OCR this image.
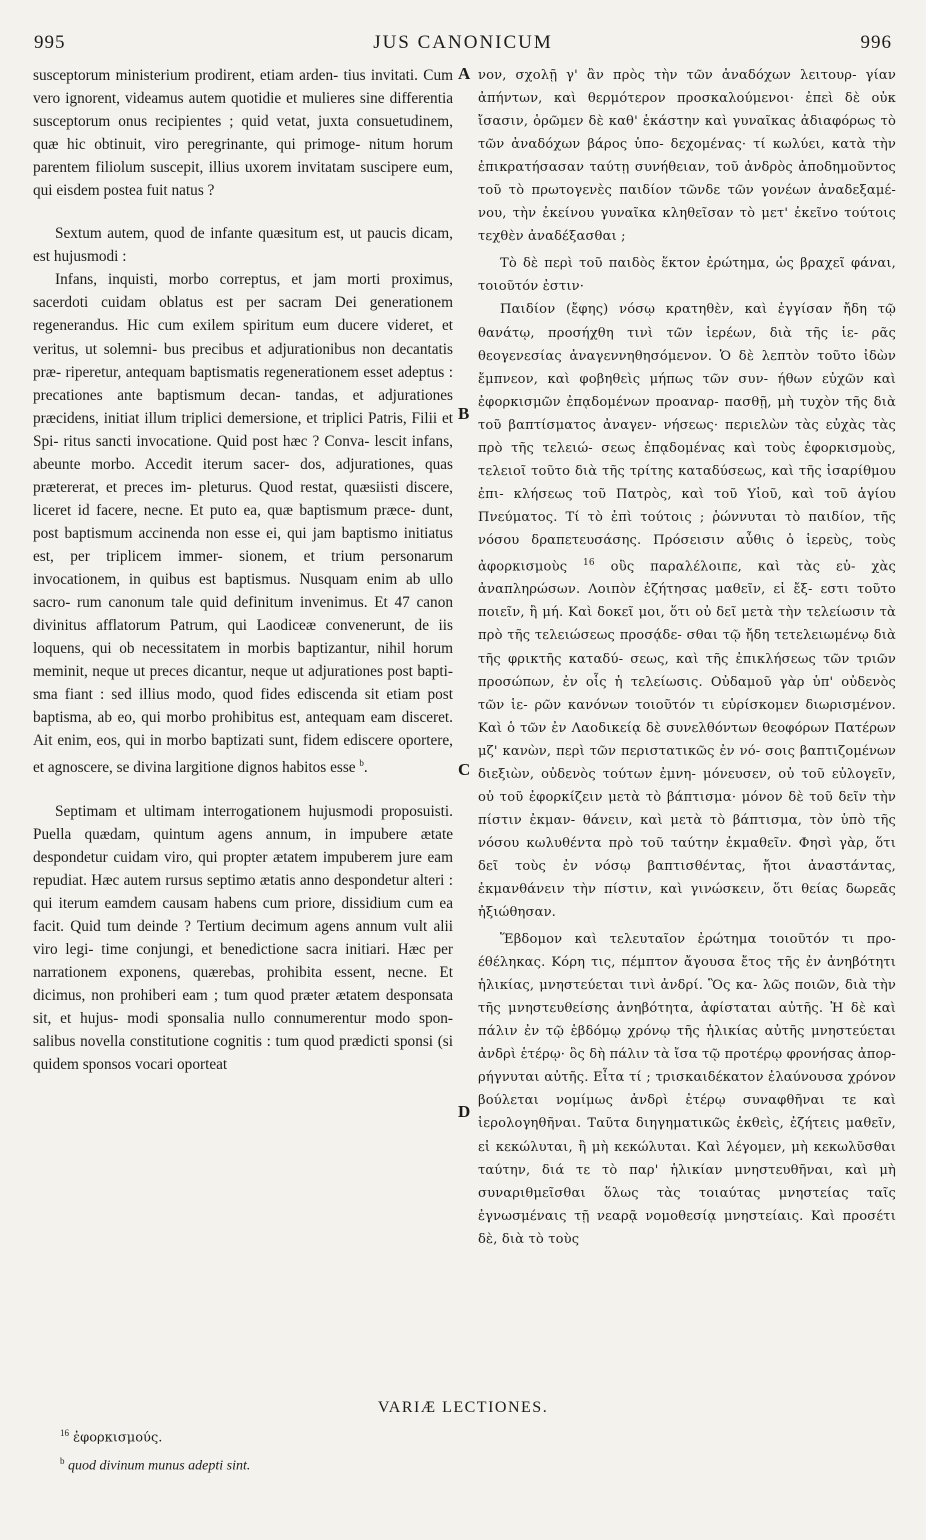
995	JUS CANONICUM	996

susceptorum ministerium prodirent, etiam arden- tius invitati. Cum vero ignorent, videamus autem quotidie et mulieres sine differentia susceptorum onus recipientes ; quid vetat, juxta consuetudinem, quæ hic obtinuit, viro peregrinante, qui primoge- nitum horum parentem filiolum suscepit, illius uxorem invitatam suscipere eum, qui eisdem postea fuit natus ?

Sextum autem, quod de infante quæsitum est, ut paucis dicam, est hujusmodi :

Infans, inquisti, morbo correptus, et jam morti proximus, sacerdoti cuidam oblatus est per sacram Dei generationem regenerandus. Hic cum exilem spiritum eum ducere videret, et veritus, ut solemni- bus precibus et adjurationibus non decantatis præ- riperetur, antequam baptismatis regenerationem esset adeptus : precationes ante baptismum decan- tandas, et adjurationes præcidens, initiat illum triplici demersione, et triplici Patris, Filii et Spi- ritus sancti invocatione. Quid post hæc ? Conva- lescit infans, abeunte morbo. Accedit iterum sacer- dos, adjurationes, quas prætererat, et preces im- pleturus. Quod restat, quæsiisti discere, liceret id facere, necne. Et puto ea, quæ baptismum præce- dunt, post baptismum accinenda non esse ei, qui jam baptismo initiatus est, per triplicem immer- sionem, et trium personarum invocationem, in quibus est baptismus. Nusquam enim ab ullo sacro- rum canonum tale quid definitum invenimus. Et 47 canon divinitus afflatorum Patrum, qui Laodiceæ convenerunt, de iis loquens, qui ob necessitatem in morbis baptizantur, nihil horum meminit, neque ut preces dicantur, neque ut adjurationes post bapti- sma fiant : sed illius modo, quod fides ediscenda sit etiam post baptisma, ab eo, qui morbo prohibitus est, antequam eam disceret. Ait enim, eos, qui in morbo baptizati sunt, fidem ediscere oportere, et agnoscere, se divina largitione dignos habitos esse $^b$.

Septimam et ultimam interrogationem hujusmodi proposuisti. Puella quædam, quintum agens annum, in impubere ætate despondetur cuidam viro, qui propter ætatem impuberem jure eam repudiat. Hæc autem rursus septimo ætatis anno despondetur alteri : qui iterum eamdem causam habens cum priore, dissidium cum ea facit. Quid tum deinde ? Tertium decimum agens annum vult alii viro legi- time conjungi, et benedictione sacra initiari. Hæc per narrationem exponens, quærebas, prohibita essent, necne. Et dicimus, non prohiberi eam ; tum quod præter ætatem desponsata sit, et hujus- modi sponsalia nullo connumerentur modo spon- salibus novella constitutione cognitis : tum quod prædicti sponsi (si quidem sponsos vocari oporteat

A
B
C
D

νον, σχολῇ γ' ἂν πρὸς τὴν τῶν ἀναδόχων λειτουρ- γίαν ἀπήντων, καὶ θερμότερον προσκαλούμενοι· ἐπεὶ δὲ οὐκ ἴσασιν, ὁρῶμεν δὲ καθ' ἑκάστην καὶ γυναῖκας ἀδιαφόρως τὸ τῶν ἀναδόχων βάρος ὑπο- δεχομένας· τί κωλύει, κατὰ τὴν ἐπικρατήσασαν ταύτῃ συνήθειαν, τοῦ ἀνδρὸς ἀποδημοῦντος τοῦ τὸ πρωτογενὲς παιδίον τῶνδε τῶν γονέων ἀναδεξαμέ- νου, τὴν ἐκείνου γυναῖκα κληθεῖσαν τὸ μετ' ἐκεῖνο τούτοις τεχθὲν ἀναδέξασθαι ;

Τὸ δὲ περὶ τοῦ παιδὸς ἕκτον ἐρώτημα, ὡς βραχεῖ φάναι, τοιοῦτόν ἐστιν·

Παιδίον (ἔφης) νόσῳ κρατηθὲν, καὶ ἐγγίσαν ἤδη τῷ θανάτῳ, προσήχθη τινὶ τῶν ἱερέων, διὰ τῆς ἱε- ρᾶς θεογενεσίας ἀναγεννηθησόμενον. Ὁ δὲ λεπτὸν τοῦτο ἰδὼν ἔμπνεον, καὶ φοβηθεὶς μήπως τῶν συν- ήθων εὐχῶν καὶ ἐφορκισμῶν ἐπᾳδομένων προαναρ- πασθῇ, μὴ τυχὸν τῆς διὰ τοῦ βαπτίσματος ἀναγεν- νήσεως· περιελὼν τὰς εὐχὰς τὰς πρὸ τῆς τελειώ- σεως ἐπᾳδομένας καὶ τοὺς ἐφορκισμοὺς, τελειοῖ τοῦτο διὰ τῆς τρίτης καταδύσεως, καὶ τῆς ἰσαρίθμου ἐπι- κλήσεως τοῦ Πατρὸς, καὶ τοῦ Υἱοῦ, καὶ τοῦ ἁγίου Πνεύματος. Τί τὸ ἐπὶ τούτοις ; ῥώννυται τὸ παιδίον, τῆς νόσου δραπετευσάσης. Πρόσεισιν αὖθις ὁ ἱερεὺς, τοὺς ἀφορκισμοὺς $^{16}$ οὓς παραλέλοιπε, καὶ τὰς εὐ- χὰς ἀναπληρώσων. Λοιπὸν ἐζήτησας μαθεῖν, εἰ ἔξ- εστι τοῦτο ποιεῖν, ἢ μή. Καὶ δοκεῖ μοι, ὅτι οὐ δεῖ μετὰ τὴν τελείωσιν τὰ πρὸ τῆς τελειώσεως προσᾴδε- σθαι τῷ ἤδη τετελειωμένῳ διὰ τῆς φρικτῆς καταδύ- σεως, καὶ τῆς ἐπικλήσεως τῶν τριῶν προσώπων, ἐν οἷς ἡ τελείωσις. Οὐδαμοῦ γὰρ ὑπ' οὐδενὸς τῶν ἱε- ρῶν κανόνων τοιοῦτόν τι εὑρίσκομεν διωρισμένον. Καὶ ὁ τῶν ἐν Λαοδικείᾳ δὲ συνελθόντων θεοφόρων Πατέρων μζ' κανὼν, περὶ τῶν περιστατικῶς ἐν νό- σοις βαπτιζομένων διεξιὼν, οὐδενὸς τούτων ἐμνη- μόνευσεν, οὐ τοῦ εὐλογεῖν, οὐ τοῦ ἐφορκίζειν μετὰ τὸ βάπτισμα· μόνον δὲ τοῦ δεῖν τὴν πίστιν ἐκμαν- θάνειν, καὶ μετὰ τὸ βάπτισμα, τὸν ὑπὸ τῆς νόσου κωλυθέντα πρὸ τοῦ ταύτην ἐκμαθεῖν. Φησὶ γὰρ, ὅτι δεῖ τοὺς ἐν νόσῳ βαπτισθέντας, ἤτοι ἀναστάντας, ἐκμανθάνειν τὴν πίστιν, καὶ γινώσκειν, ὅτι θείας δωρεᾶς ἠξιώθησαν.

Ἕβδομον καὶ τελευταῖον ἐρώτημα τοιοῦτόν τι προ- έθέληκας. Κόρη τις, πέμπτον ἄγουσα ἔτος τῆς ἐν ἀνηβότητι ἡλικίας, μνηστεύεται τινὶ ἀνδρί. Ὃς κα- λῶς ποιῶν, διὰ τὴν τῆς μνηστευθείσης ἀνηβότητα, ἀφίσταται αὐτῆς. Ἡ δὲ καὶ πάλιν ἐν τῷ ἑβδόμῳ χρόνῳ τῆς ἡλικίας αὐτῆς μνηστεύεται ἀνδρὶ ἑτέρῳ· ὃς δὴ πάλιν τὰ ἴσα τῷ προτέρῳ φρονήσας ἀπορ- ρήγνυται αὐτῆς. Εἶτα τί ; τρισκαιδέκατον ἐλαύνουσα χρόνον βούλεται νομίμως ἀνδρὶ ἑτέρῳ συναφθῆναι τε καὶ ἱερολογηθῆναι. Ταῦτα διηγηματικῶς ἐκθεὶς, ἐζήτεις μαθεῖν, εἰ κεκώλυται, ἢ μὴ κεκώλυται. Καὶ λέγομεν, μὴ κεκωλῦσθαι ταύτην, διά τε τὸ παρ' ἡλικίαν μνηστευθῆναι, καὶ μὴ συναριθμεῖσθαι ὅλως τὰς τοιαύτας μνηστείας ταῖς ἐγνωσμέναις τῇ νεαρᾷ νομοθεσίᾳ μνηστείαις. Καὶ προσέτι δὲ, διὰ τὸ τοὺς

VARIÆ LECTIONES.

$^{16}$ ἐφορκισμούς.

$^b$ quod divinum munus adepti sint.
